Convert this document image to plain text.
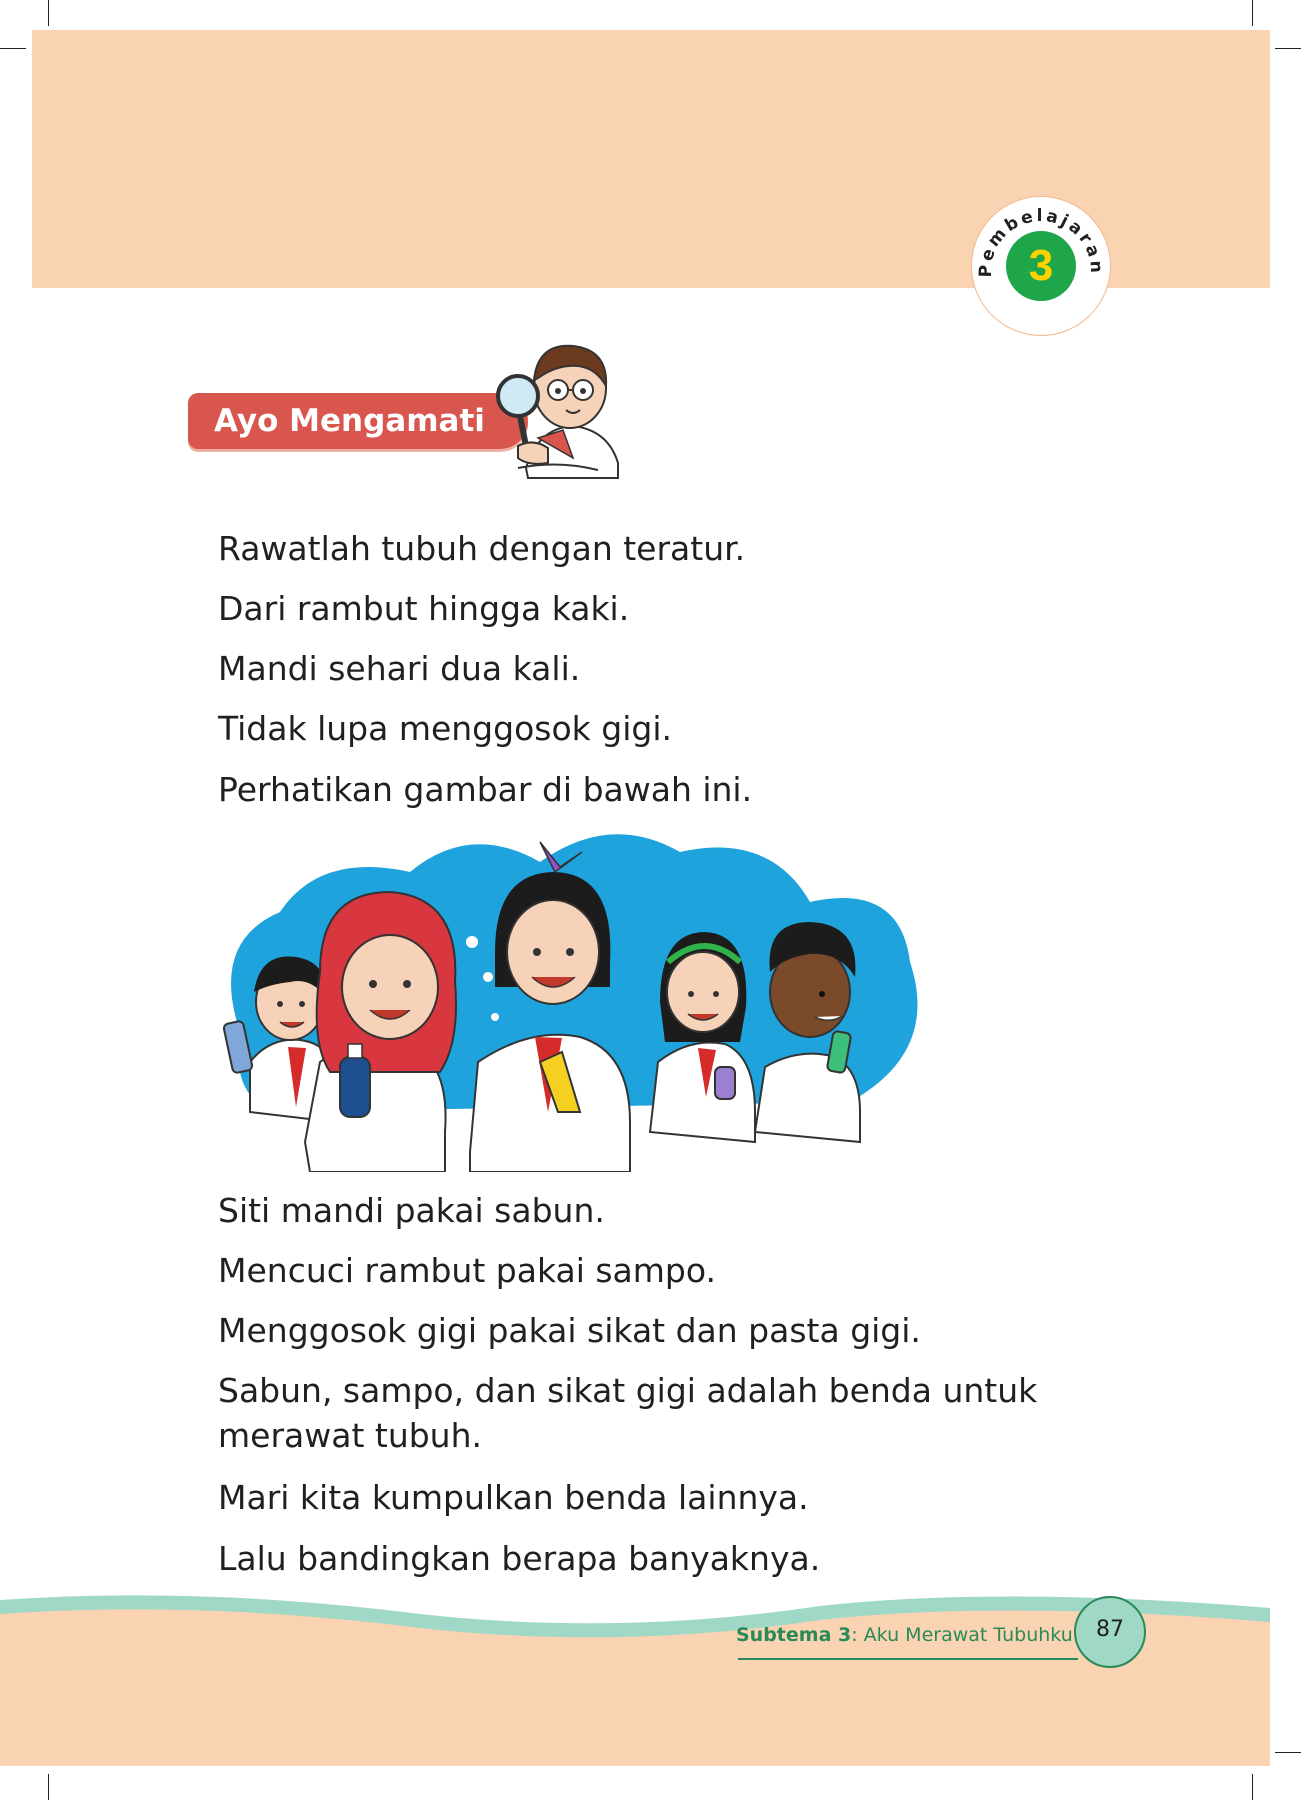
Pembelajaran
3
Ayo Mengamati

Rawatlah tubuh dengan teratur.

Dari rambut hingga kaki.

Mandi sehari dua kali.

Tidak lupa menggosok gigi.

Perhatikan gambar di bawah ini.

Siti mandi pakai sabun.

Mencuci rambut pakai sampo.

Menggosok gigi pakai sikat dan pasta gigi.

Sabun, sampo, dan sikat gigi adalah benda untuk merawat tubuh.

Mari kita kumpulkan benda lainnya.

Lalu bandingkan berapa banyaknya.

Subtema 3: Aku Merawat Tubuhku	87
